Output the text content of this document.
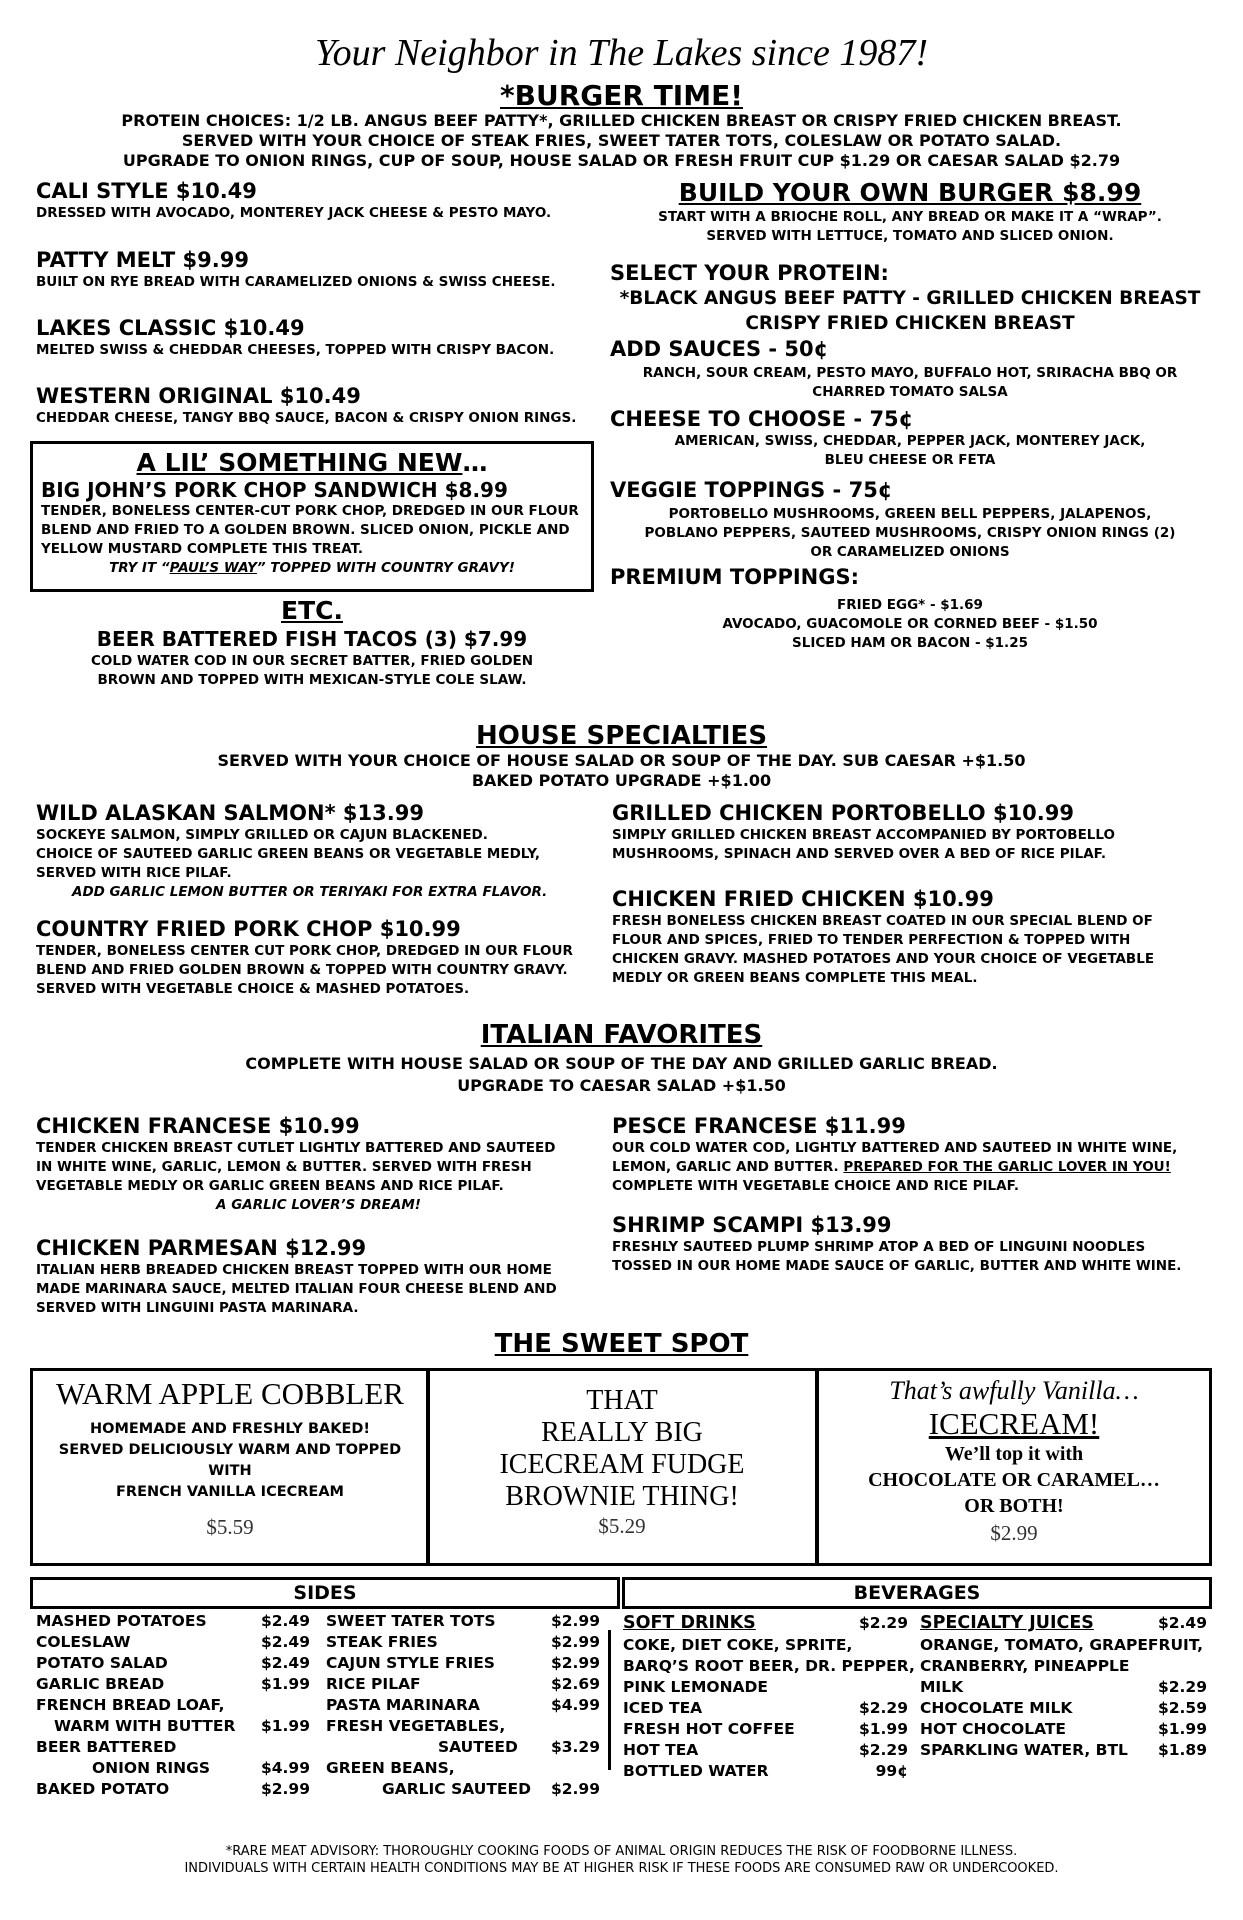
Your Neighbor in The Lakes since 1987!
*BURGER TIME!
PROTEIN CHOICES: 1/2 LB. ANGUS BEEF PATTY*, GRILLED CHICKEN BREAST OR CRISPY FRIED CHICKEN BREAST.
SERVED WITH YOUR CHOICE OF STEAK FRIES, SWEET TATER TOTS, COLESLAW OR POTATO SALAD.
UPGRADE TO ONION RINGS, CUP OF SOUP, HOUSE SALAD OR FRESH FRUIT CUP $1.29 OR CAESAR SALAD $2.79
CALI STYLE $10.49
DRESSED WITH AVOCADO, MONTEREY JACK CHEESE & PESTO MAYO.
PATTY MELT $9.99
BUILT ON RYE BREAD WITH CARAMELIZED ONIONS & SWISS CHEESE.
LAKES CLASSIC $10.49
MELTED SWISS & CHEDDAR CHEESES, TOPPED WITH CRISPY BACON.
WESTERN ORIGINAL $10.49
CHEDDAR CHEESE, TANGY BBQ SAUCE, BACON & CRISPY ONION RINGS.
A LIL’ SOMETHING NEW…
BIG JOHN’S PORK CHOP SANDWICH $8.99
TENDER, BONELESS CENTER-CUT PORK CHOP, DREDGED IN OUR FLOUR
BLEND AND FRIED TO A GOLDEN BROWN. SLICED ONION, PICKLE AND
YELLOW MUSTARD COMPLETE THIS TREAT.
TRY IT “PAUL’S WAY” TOPPED WITH COUNTRY GRAVY!
ETC.
BEER BATTERED FISH TACOS (3) $7.99
COLD WATER COD IN OUR SECRET BATTER, FRIED GOLDEN
BROWN AND TOPPED WITH MEXICAN-STYLE COLE SLAW.
BUILD YOUR OWN BURGER $8.99
START WITH A BRIOCHE ROLL, ANY BREAD OR MAKE IT A “WRAP”.
SERVED WITH LETTUCE, TOMATO AND SLICED ONION.
SELECT YOUR PROTEIN:
*BLACK ANGUS BEEF PATTY - GRILLED CHICKEN BREAST
CRISPY FRIED CHICKEN BREAST
ADD SAUCES - 50¢
RANCH, SOUR CREAM, PESTO MAYO, BUFFALO HOT, SRIRACHA BBQ OR
CHARRED TOMATO SALSA
CHEESE TO CHOOSE - 75¢
AMERICAN, SWISS, CHEDDAR, PEPPER JACK, MONTEREY JACK,
BLEU CHEESE OR FETA
VEGGIE TOPPINGS - 75¢
PORTOBELLO MUSHROOMS, GREEN BELL PEPPERS, JALAPENOS,
POBLANO PEPPERS, SAUTEED MUSHROOMS, CRISPY ONION RINGS (2)
OR CARAMELIZED ONIONS
PREMIUM TOPPINGS:
FRIED EGG* - $1.69
AVOCADO, GUACOMOLE OR CORNED BEEF - $1.50
SLICED HAM OR BACON - $1.25
HOUSE SPECIALTIES
SERVED WITH YOUR CHOICE OF HOUSE SALAD OR SOUP OF THE DAY. SUB CAESAR +$1.50
BAKED POTATO UPGRADE +$1.00
WILD ALASKAN SALMON* $13.99
SOCKEYE SALMON, SIMPLY GRILLED OR CAJUN BLACKENED.
CHOICE OF SAUTEED GARLIC GREEN BEANS OR VEGETABLE MEDLY,
SERVED WITH RICE PILAF.
ADD GARLIC LEMON BUTTER OR TERIYAKI FOR EXTRA FLAVOR.
COUNTRY FRIED PORK CHOP $10.99
TENDER, BONELESS CENTER CUT PORK CHOP, DREDGED IN OUR FLOUR
BLEND AND FRIED GOLDEN BROWN & TOPPED WITH COUNTRY GRAVY.
SERVED WITH VEGETABLE CHOICE & MASHED POTATOES.
GRILLED CHICKEN PORTOBELLO $10.99
SIMPLY GRILLED CHICKEN BREAST ACCOMPANIED BY PORTOBELLO
MUSHROOMS, SPINACH AND SERVED OVER A BED OF RICE PILAF.
CHICKEN FRIED CHICKEN $10.99
FRESH BONELESS CHICKEN BREAST COATED IN OUR SPECIAL BLEND OF
FLOUR AND SPICES, FRIED TO TENDER PERFECTION & TOPPED WITH
CHICKEN GRAVY. MASHED POTATOES AND YOUR CHOICE OF VEGETABLE
MEDLY OR GREEN BEANS COMPLETE THIS MEAL.
ITALIAN FAVORITES
COMPLETE WITH HOUSE SALAD OR SOUP OF THE DAY AND GRILLED GARLIC BREAD.
UPGRADE TO CAESAR SALAD +$1.50
CHICKEN FRANCESE $10.99
TENDER CHICKEN BREAST CUTLET LIGHTLY BATTERED AND SAUTEED
IN WHITE WINE, GARLIC, LEMON & BUTTER. SERVED WITH FRESH
VEGETABLE MEDLY OR GARLIC GREEN BEANS AND RICE PILAF.
A GARLIC LOVER’S DREAM!
CHICKEN PARMESAN $12.99
ITALIAN HERB BREADED CHICKEN BREAST TOPPED WITH OUR HOME
MADE MARINARA SAUCE, MELTED ITALIAN FOUR CHEESE BLEND AND
SERVED WITH LINGUINI PASTA MARINARA.
PESCE FRANCESE $11.99
OUR COLD WATER COD, LIGHTLY BATTERED AND SAUTEED IN WHITE WINE,
LEMON, GARLIC AND BUTTER. PREPARED FOR THE GARLIC LOVER IN YOU!
COMPLETE WITH VEGETABLE CHOICE AND RICE PILAF.
SHRIMP SCAMPI $13.99
FRESHLY SAUTEED PLUMP SHRIMP ATOP A BED OF LINGUINI NOODLES
TOSSED IN OUR HOME MADE SAUCE OF GARLIC, BUTTER AND WHITE WINE.
THE SWEET SPOT
WARM APPLE COBBLER
HOMEMADE AND FRESHLY BAKED!
SERVED DELICIOUSLY WARM AND TOPPED
WITH
FRENCH VANILLA ICECREAM
$5.59
THAT
REALLY BIG
ICECREAM FUDGE
BROWNIE THING!
$5.29
That’s awfully Vanilla…
ICECREAM!
We’ll top it with
CHOCOLATE OR CARAMEL…
OR BOTH!
$2.99
SIDES	BEVERAGES
MASHED POTATOES	$2.49
COLESLAW	$2.49
POTATO SALAD	$2.49
GARLIC BREAD	$1.99
FRENCH BREAD LOAF,
WARM WITH BUTTER $1.99
BEER BATTERED
ONION RINGS	$4.99
BAKED POTATO	$2.99
SWEET TATER TOTS	$2.99
STEAK FRIES	$2.99
CAJUN STYLE FRIES	$2.99
RICE PILAF	$2.69
PASTA MARINARA	$4.99
FRESH VEGETABLES,
SAUTEED $3.29
GREEN BEANS,
GARLIC SAUTEED $2.99
SOFT DRINKS	$2.29
COKE, DIET COKE, SPRITE,
BARQ’S ROOT BEER, DR. PEPPER,
PINK LEMONADE
ICED TEA	$2.29
FRESH HOT COFFEE	$1.99
HOT TEA	$2.29
BOTTLED WATER	99¢
SPECIALTY JUICES	$2.49
ORANGE, TOMATO, GRAPEFRUIT,
CRANBERRY, PINEAPPLE
MILK	$2.29
CHOCOLATE MILK	$2.59
HOT CHOCOLATE	$1.99
SPARKLING WATER, BTL $1.89
*RARE MEAT ADVISORY: THOROUGHLY COOKING FOODS OF ANIMAL ORIGIN REDUCES THE RISK OF FOODBORNE ILLNESS.
INDIVIDUALS WITH CERTAIN HEALTH CONDITIONS MAY BE AT HIGHER RISK IF THESE FOODS ARE CONSUMED RAW OR UNDERCOOKED.
